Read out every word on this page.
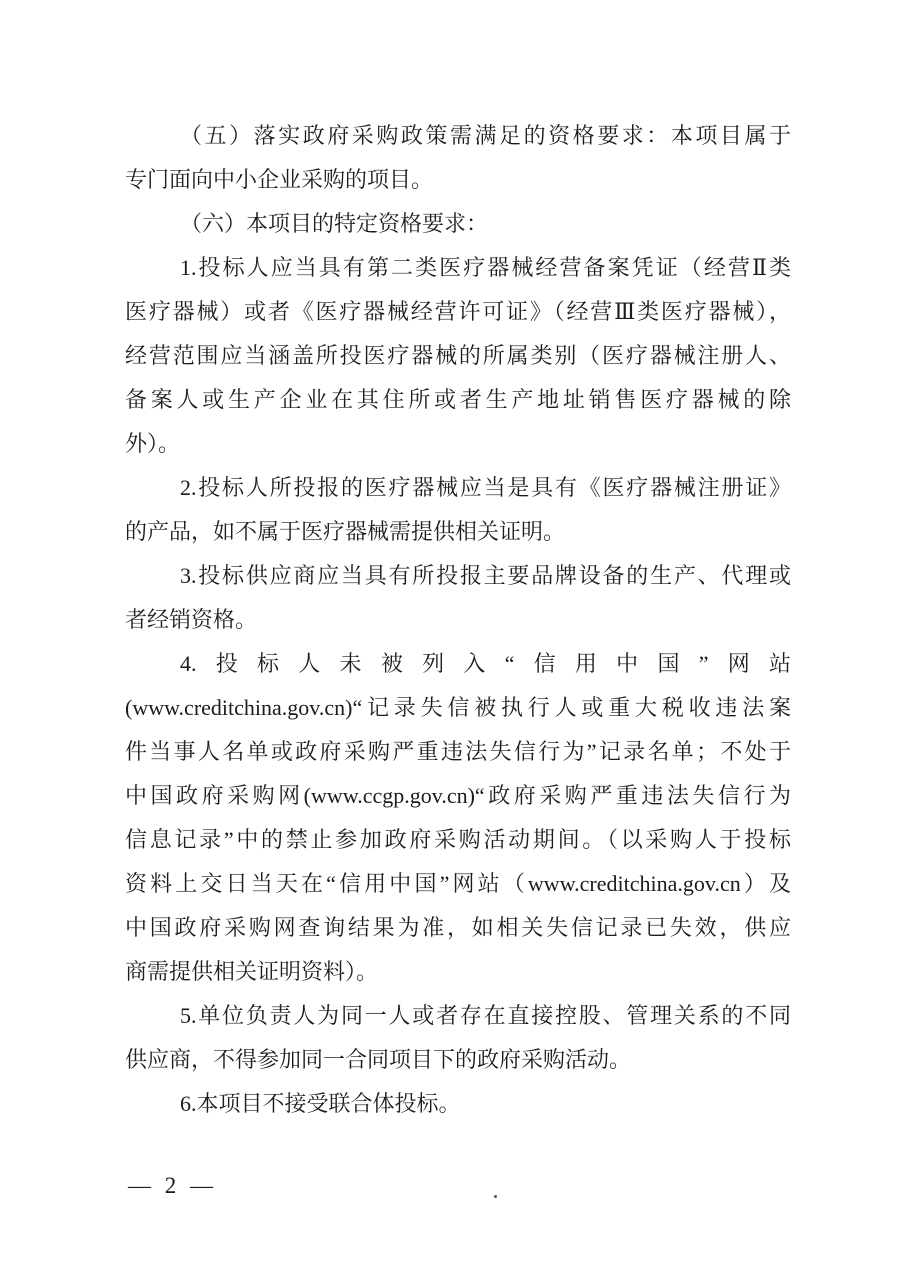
（五）落实政府采购政策需满足的资格要求：本项目属于
专门面向中小企业采购的项目。
（六）本项目的特定资格要求：
1.投标人应当具有第二类医疗器械经营备案凭证（经营Ⅱ类
医疗器械）或者《医疗器械经营许可证》（经营Ⅲ类医疗器械），
经营范围应当涵盖所投医疗器械的所属类别（医疗器械注册人、
备案人或生产企业在其住所或者生产地址销售医疗器械的除
外）。
2.投标人所投报的医疗器械应当是具有《医疗器械注册证》
的产品，如不属于医疗器械需提供相关证明。
3.投标供应商应当具有所投报主要品牌设备的生产、代理或
者经销资格。
4.投标人未被列入“信用中国”网站
(www.creditchina.gov.cn)“记录失信被执行人或重大税收违法案
件当事人名单或政府采购严重违法失信行为”记录名单；不处于
中国政府采购网(www.ccgp.gov.cn)“政府采购严重违法失信行为
信息记录”中的禁止参加政府采购活动期间。（以采购人于投标
资料上交日当天在“信用中国”网站（www.creditchina.gov.cn）及
中国政府采购网查询结果为准，如相关失信记录已失效，供应
商需提供相关证明资料）。
5.单位负责人为同一人或者存在直接控股、管理关系的不同
供应商，不得参加同一合同项目下的政府采购活动。
6.本项目不接受联合体投标。
— 2 —
